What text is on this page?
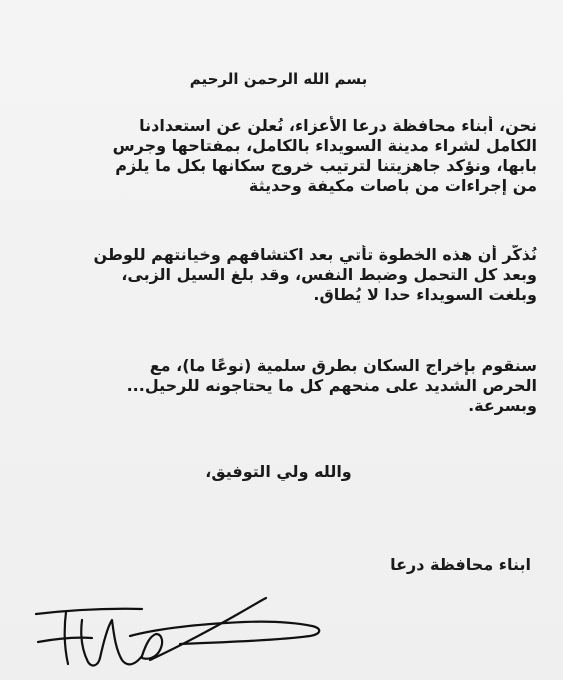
بسم الله الرحمن الرحيم
نحن، أبناء محافظة درعا الأعزاء، نُعلن عن استعدادنا
الكامل لشراء مدينة السويداء بالكامل، بمفتاحها وجرس
بابها، ونؤكد جاهزيتنا لترتيب خروج سكانها بكل ما يلزم
من إجراءات من باصات مكيفة وحديثة
نُذكّر أن هذه الخطوة تأتي بعد اكتشافهم وخيانتهم للوطن
وبعد كل التحمل وضبط النفس، وقد بلغ السيل الزبى،
وبلغت السويداء حدا لا يُطاق.
سنقوم بإخراج السكان بطرق سلمية (نوعًا ما)، مع
الحرص الشديد على منحهم كل ما يحتاجونه للرحيل...
وبسرعة.
والله ولي التوفيق،
ابناء محافظة درعا
